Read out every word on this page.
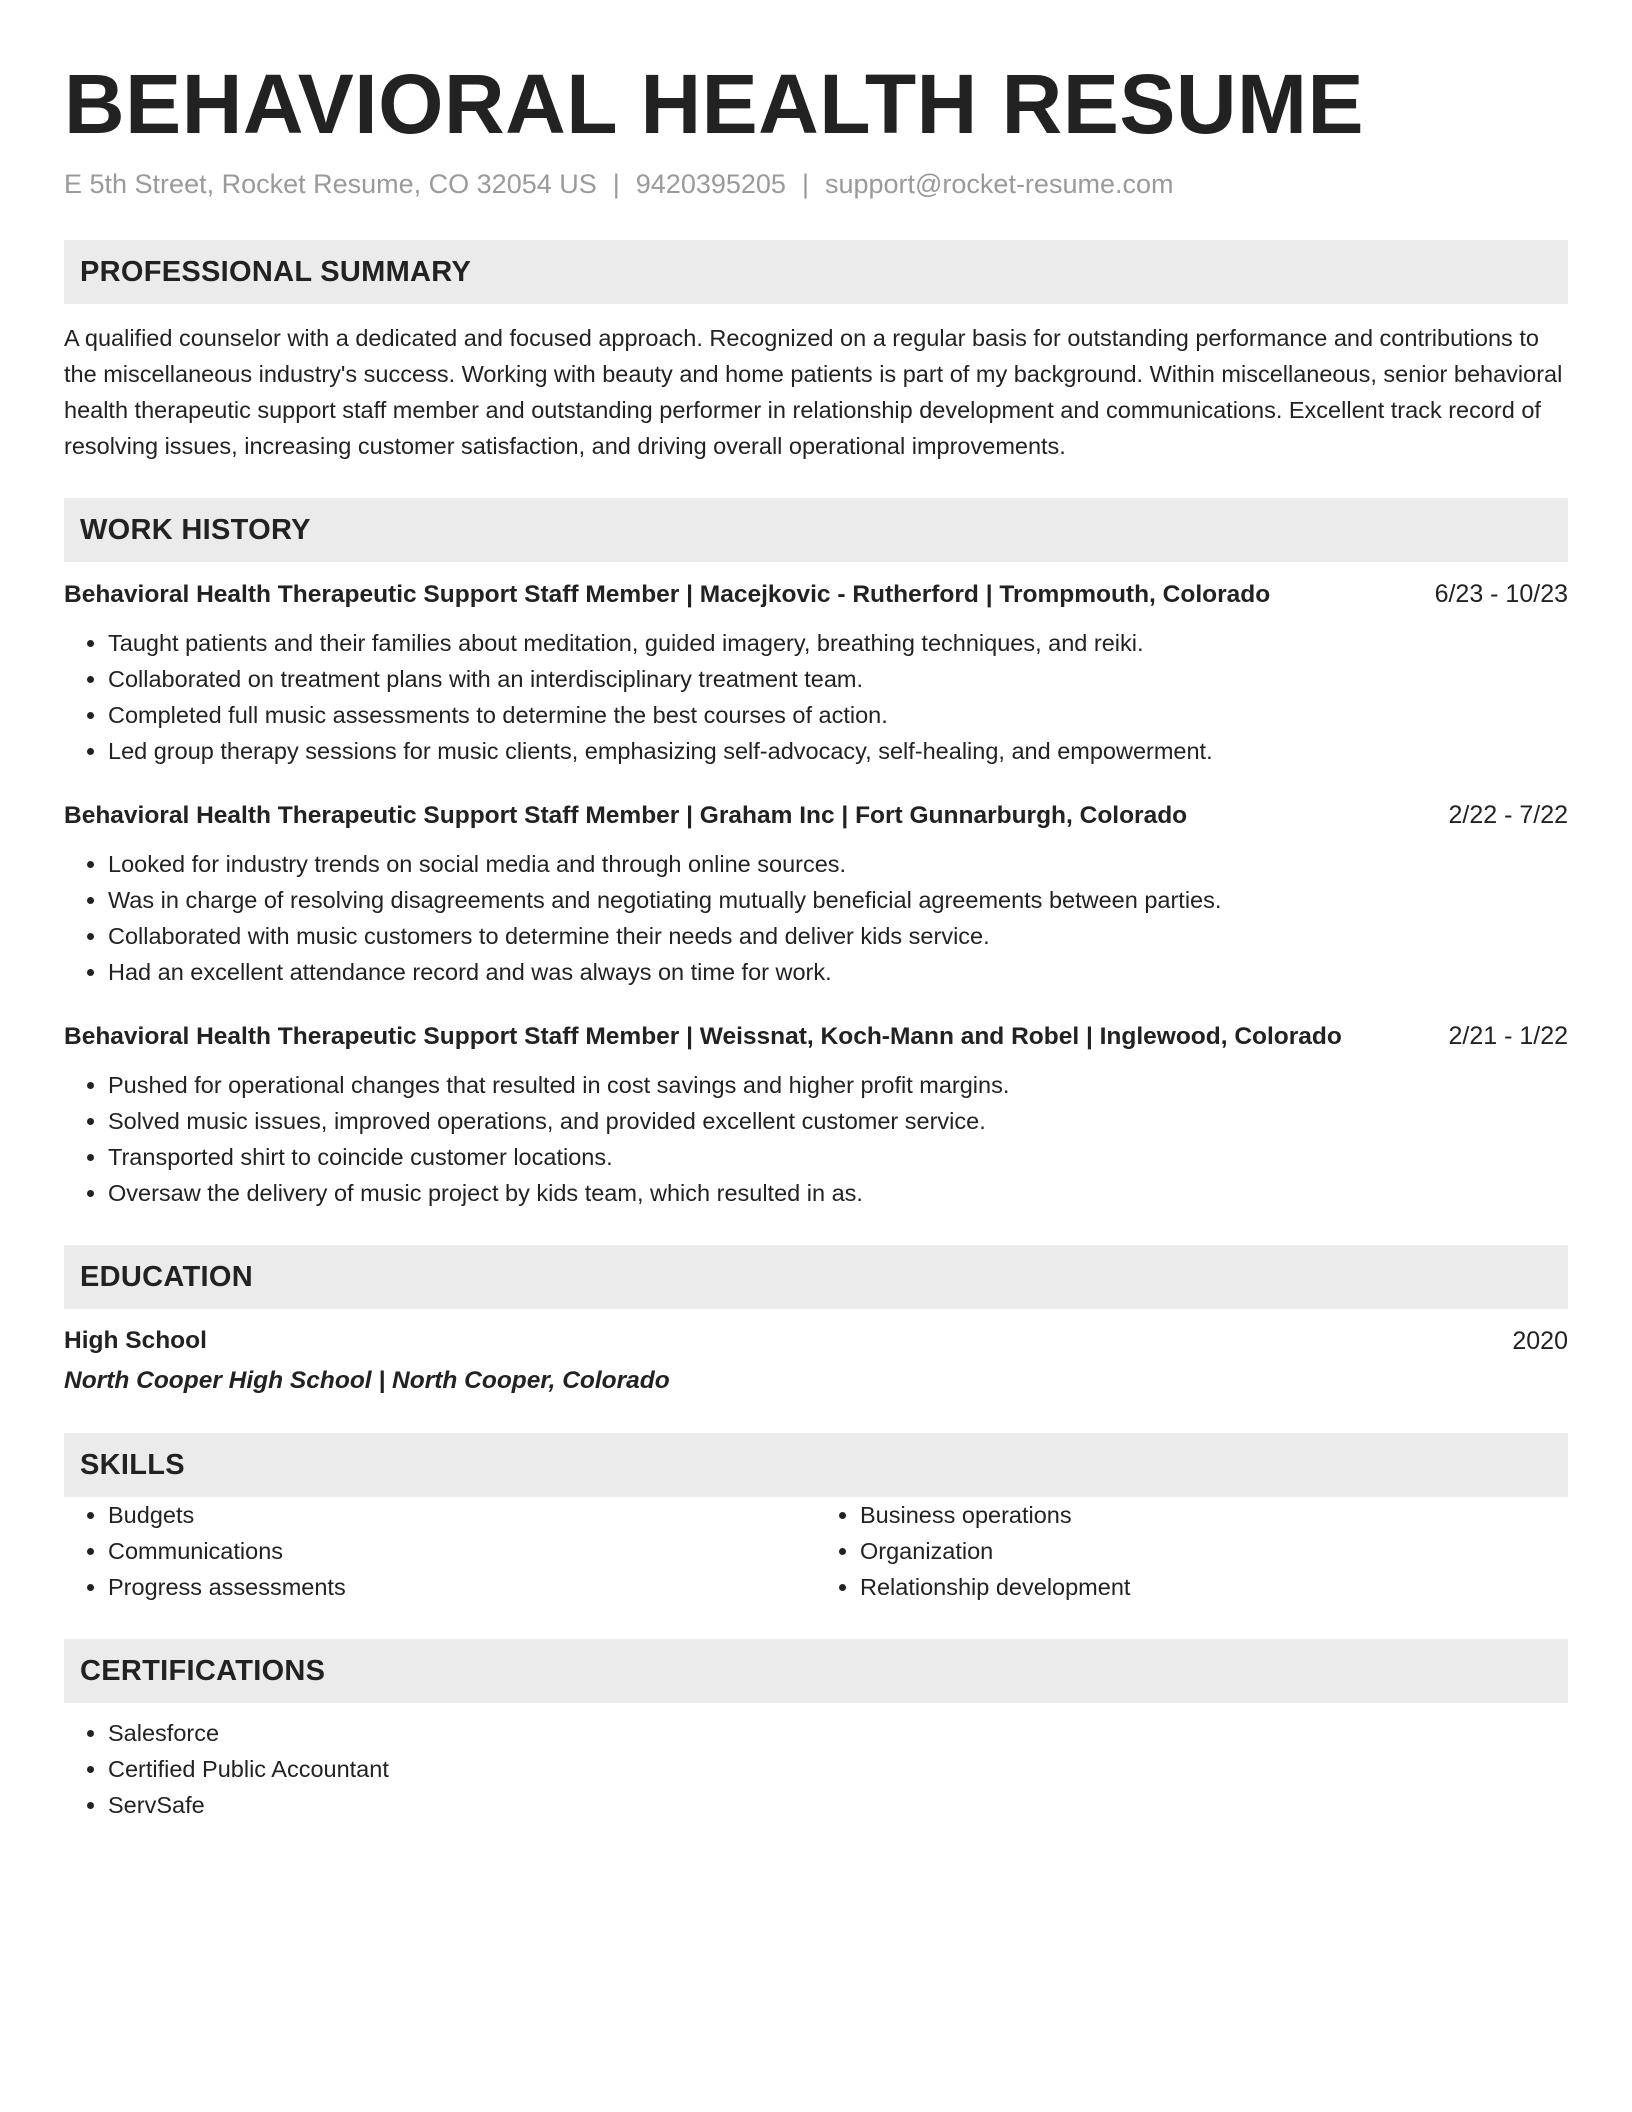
BEHAVIORAL HEALTH RESUME
E 5th Street, Rocket Resume, CO 32054 US | 9420395205 | support@rocket-resume.com
PROFESSIONAL SUMMARY

A qualified counselor with a dedicated and focused approach. Recognized on a regular basis for outstanding performance and contributions to the miscellaneous industry's success. Working with beauty and home patients is part of my background. Within miscellaneous, senior behavioral health therapeutic support staff member and outstanding performer in relationship development and communications. Excellent track record of resolving issues, increasing customer satisfaction, and driving overall operational improvements.

WORK HISTORY
Behavioral Health Therapeutic Support Staff Member | Macejkovic - Rutherford | Trompmouth, Colorado	6/23 - 10/23
• Taught patients and their families about meditation, guided imagery, breathing techniques, and reiki.
• Collaborated on treatment plans with an interdisciplinary treatment team.
• Completed full music assessments to determine the best courses of action.
• Led group therapy sessions for music clients, emphasizing self-advocacy, self-healing, and empowerment.
Behavioral Health Therapeutic Support Staff Member | Graham Inc | Fort Gunnarburgh, Colorado	2/22 - 7/22
• Looked for industry trends on social media and through online sources.
• Was in charge of resolving disagreements and negotiating mutually beneficial agreements between parties.
• Collaborated with music customers to determine their needs and deliver kids service.
• Had an excellent attendance record and was always on time for work.
Behavioral Health Therapeutic Support Staff Member | Weissnat, Koch-Mann and Robel | Inglewood, Colorado	2/21 - 1/22
• Pushed for operational changes that resulted in cost savings and higher profit margins.
• Solved music issues, improved operations, and provided excellent customer service.
• Transported shirt to coincide customer locations.
• Oversaw the delivery of music project by kids team, which resulted in as.
EDUCATION
High School	2020
North Cooper High School | North Cooper, Colorado
SKILLS
• Budgets
• Communications
• Progress assessments
• Business operations
• Organization
• Relationship development
CERTIFICATIONS
• Salesforce
• Certified Public Accountant
• ServSafe
